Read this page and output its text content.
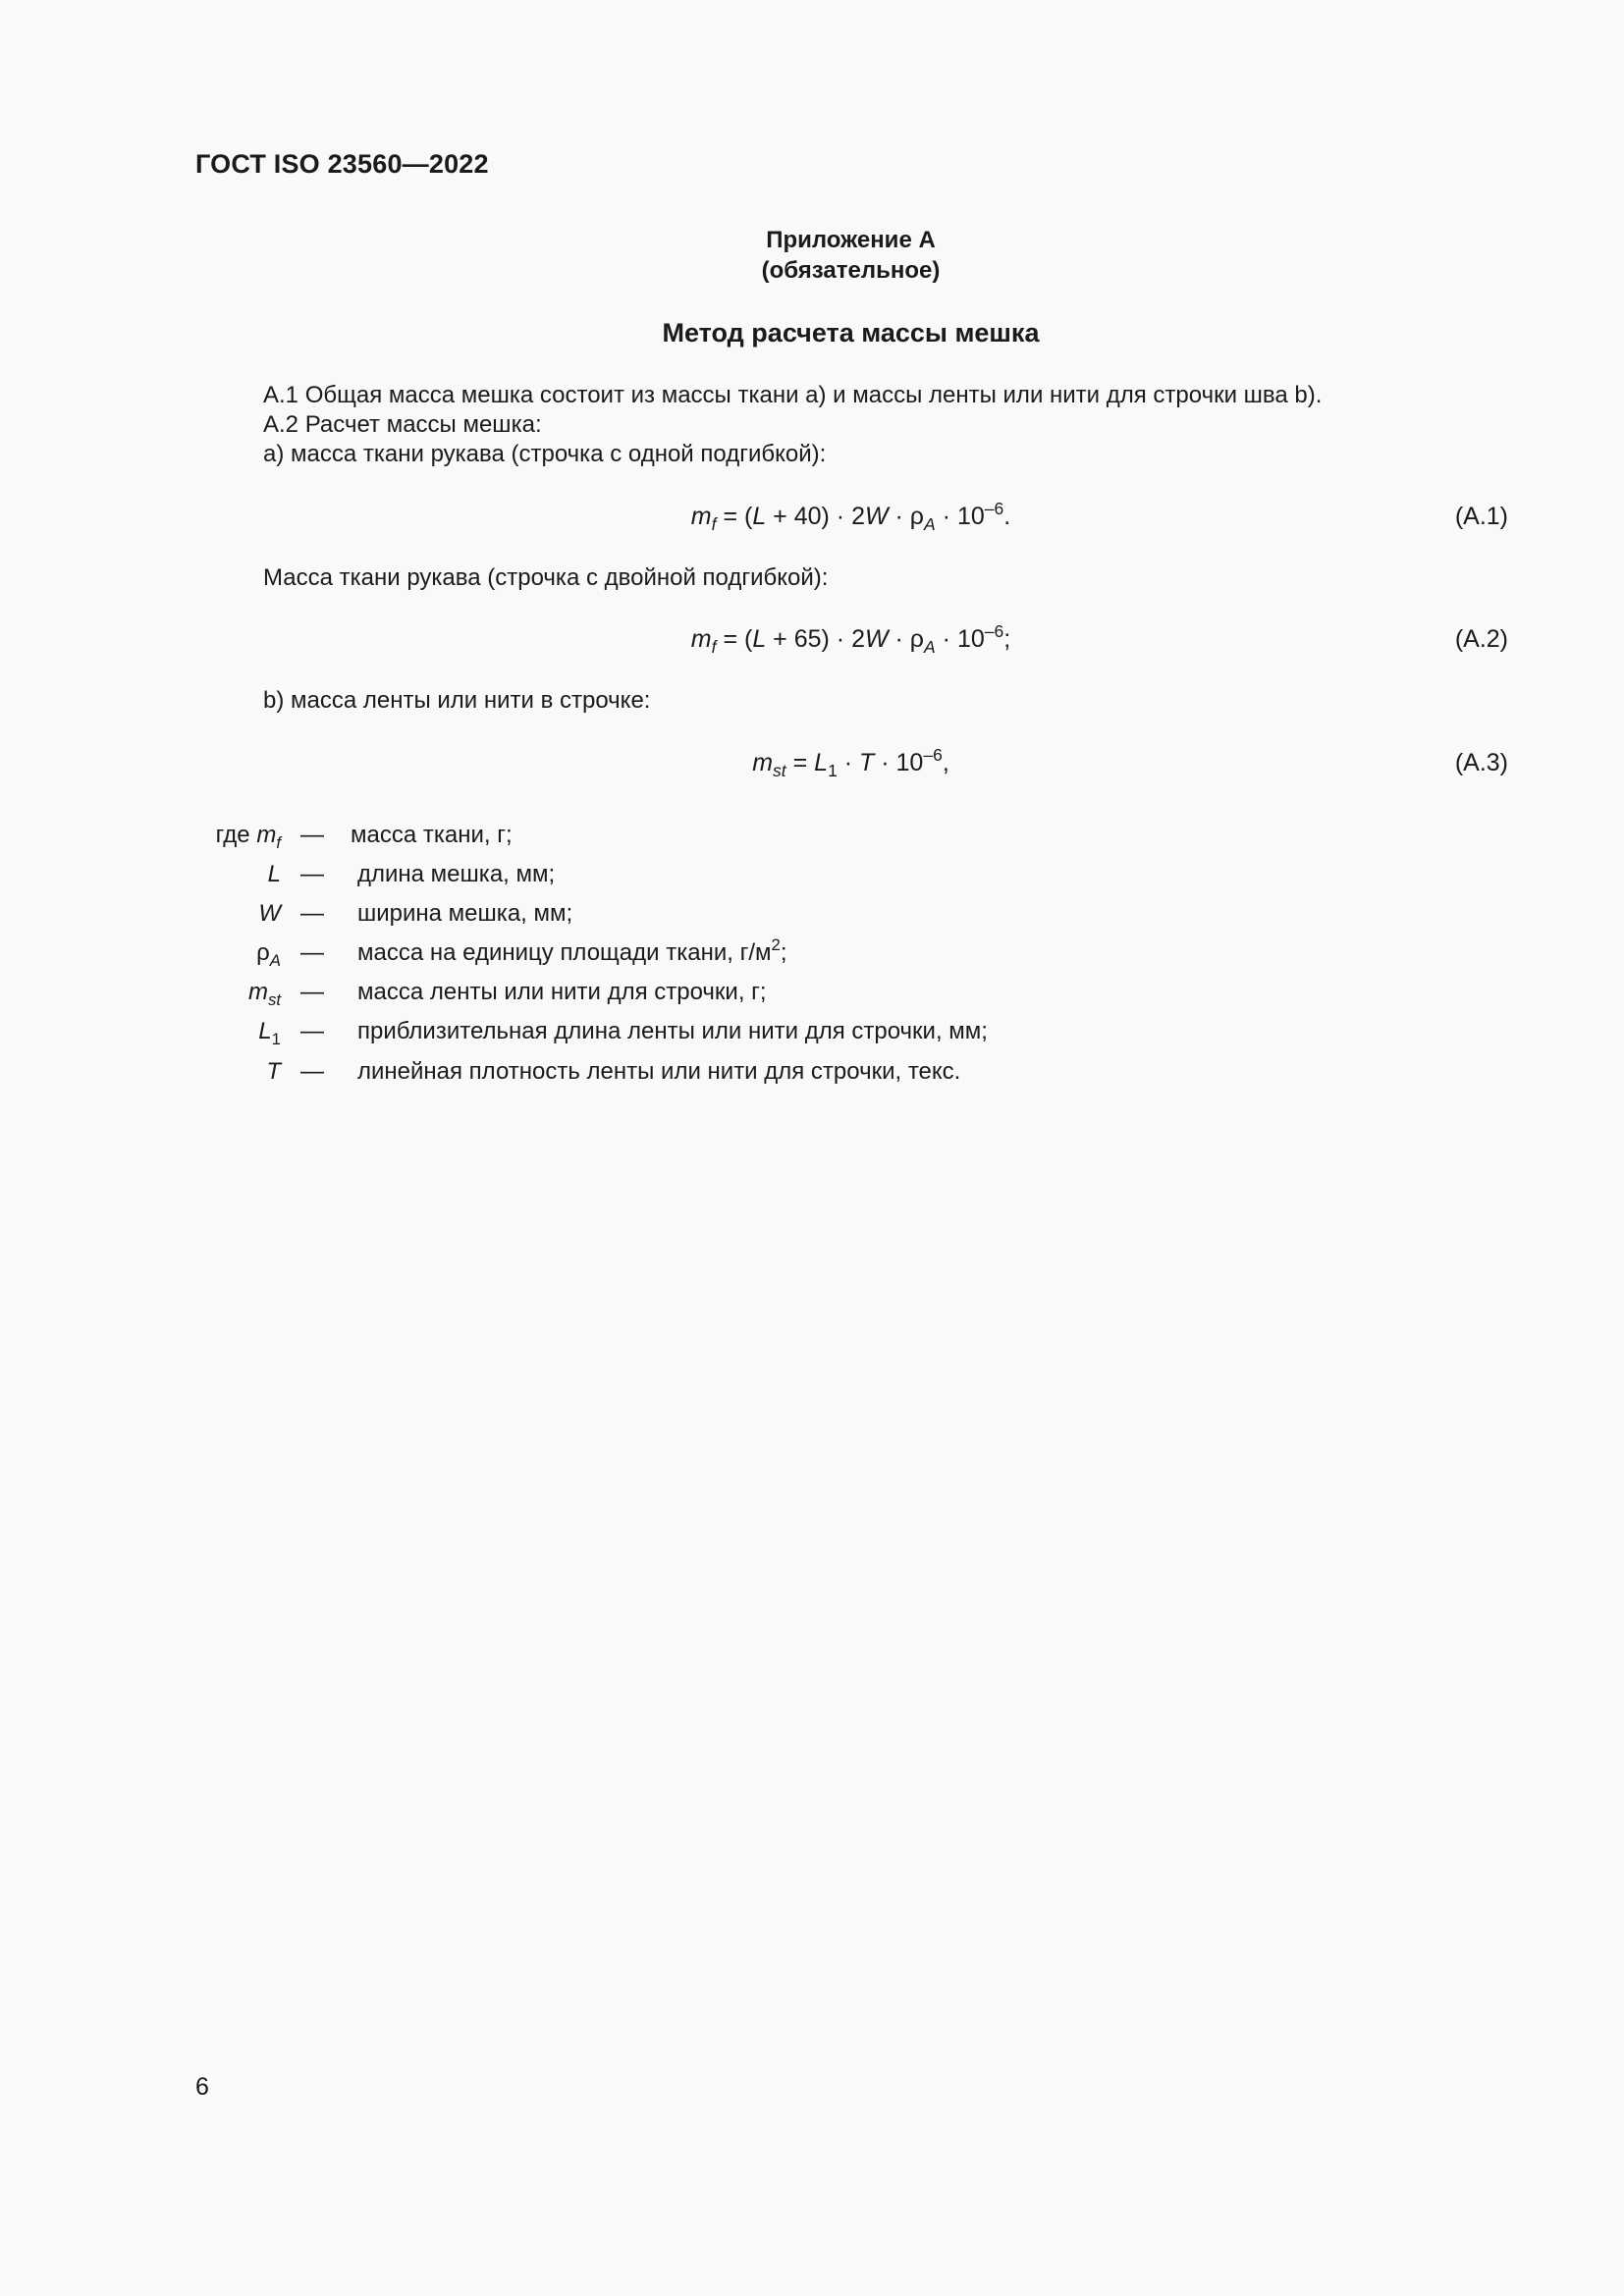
ГОСТ ISO 23560—2022
Приложение А
(обязательное)
Метод расчета массы мешка
А.1 Общая масса мешка состоит из массы ткани а) и массы ленты или нити для строчки шва b).
А.2 Расчет массы мешка:
а) масса ткани рукава (строчка с одной подгибкой):
$m_f = (L + 40) \cdot 2W \cdot \rho_A \cdot 10^{-6}$.	(А.1)
Масса ткани рукава (строчка с двойной подгибкой):
$m_f = (L + 65) \cdot 2W \cdot \rho_A \cdot 10^{-6}$;	(А.2)
b) масса ленты или нити в строчке:
$m_{st} = L_1 \cdot T \cdot 10^{-6}$,	(А.3)
где $m_f$ — масса ткани, г;
L — длина мешка, мм;
W — ширина мешка, мм;
$\rho_A$ — масса на единицу площади ткани, $г/м^2$;
$m_{st}$ — масса ленты или нити для строчки, г;
$L_1$ — приблизительная длина ленты или нити для строчки, мм;
T — линейная плотность ленты или нити для строчки, текс.
6
